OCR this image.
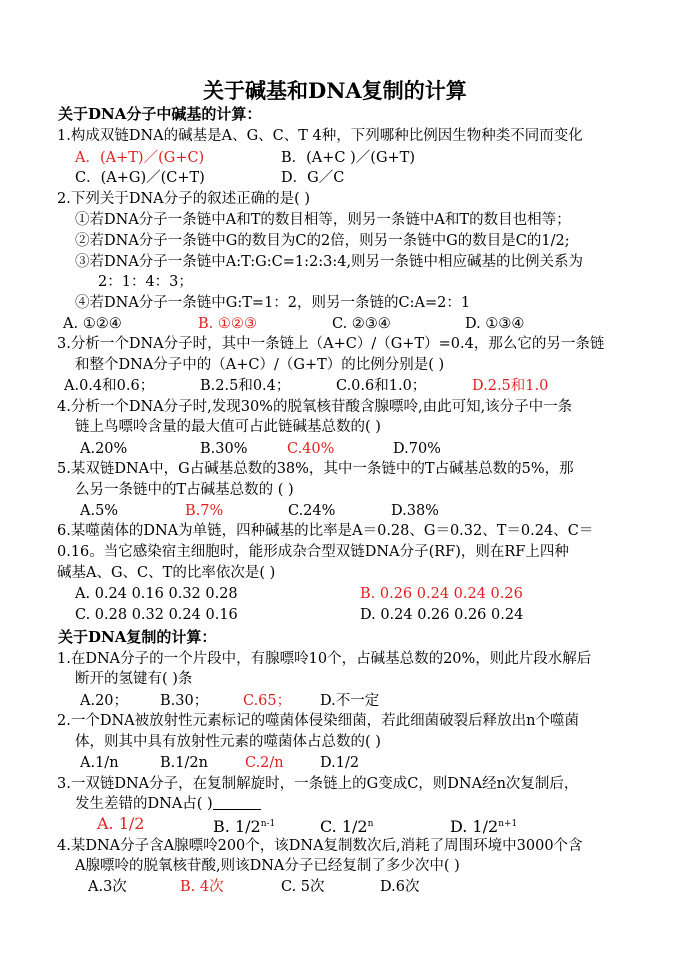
关于碱基和DNA复制的计算
关于DNA分子中碱基的计算：
1.构成双链DNA的碱基是A、G、C、T 4种，下列哪种比例因生物种类不同而变化
A．(A+T)／(G+C)	B．(A+C )／(G+T)
C．(A+G)／(C+T)	D．G／C
2.下列关于DNA分子的叙述正确的是( )
①若DNA分子一条链中A和T的数目相等，则另一条链中A和T的数目也相等；
②若DNA分子一条链中G的数目为C的2倍，则另一条链中G的数目是C的1/2;
③若DNA分子一条链中A:T:G:C=1:2:3:4,则另一条链中相应碱基的比例关系为
2：1：4：3；
④若DNA分子一条链中G:T=1：2，则另一条链的C:A=2：1
A. ①②④	B. ①②③	C. ②③④	D. ①③④
3.分析一个DNA分子时，其中一条链上（A+C）/（G+T）=0.4，那么它的另一条链
和整个DNA分子中的（A+C）/（G+T）的比例分别是( )
A.0.4和0.6；	B.2.5和0.4；	C.0.6和1.0；	D.2.5和1.0
4.分析一个DNA分子时,发现30%的脱氧核苷酸含腺嘌呤,由此可知,该分子中一条
链上鸟嘌呤含量的最大值可占此链碱基总数的( )
A.20%	B.30%	C.40%	D.70%
5.某双链DNA中，G占碱基总数的38%，其中一条链中的T占碱基总数的5%，那
么另一条链中的T占碱基总数的 ( )
A.5%	B.7%	C.24%	D.38%
6.某噬菌体的DNA为单链，四种碱基的比率是A＝0.28、G＝0.32、T＝0.24、C＝
0.16。当它感染宿主细胞时，能形成杂合型双链DNA分子(RF)，则在RF上四种
碱基A、G、C、T的比率依次是( )
A. 0.24 0.16 0.32 0.28	B. 0.26 0.24 0.24 0.26
C. 0.28 0.32 0.24 0.16	D. 0.24 0.26 0.26 0.24
关于DNA复制的计算：
1.在DNA分子的一个片段中，有腺嘌呤10个，占碱基总数的20%，则此片段水解后
断开的氢键有( )条
A.20； B.30； C.65； D.不一定
2.一个DNA被放射性元素标记的噬菌体侵染细菌，若此细菌破裂后释放出n个噬菌
体，则其中具有放射性元素的噬菌体占总数的( )
A.1/n	B.1/2n	C.2/n	D.1/2
3.一双链DNA分子，在复制解旋时，一条链上的G变成C，则DNA经n次复制后，
发生差错的DNA占( )
A. 1/2	B. 1/2$^{n-1}$	C. 1/2$^n$	D. $1/2^{n+1}$
4.某DNA分子含A腺嘌呤200个，该DNA复制数次后,消耗了周围环境中3000个含
A腺嘌呤的脱氧核苷酸,则该DNA分子已经复制了多少次中( )
A.3次	B. 4次	C. 5次	D.6次
